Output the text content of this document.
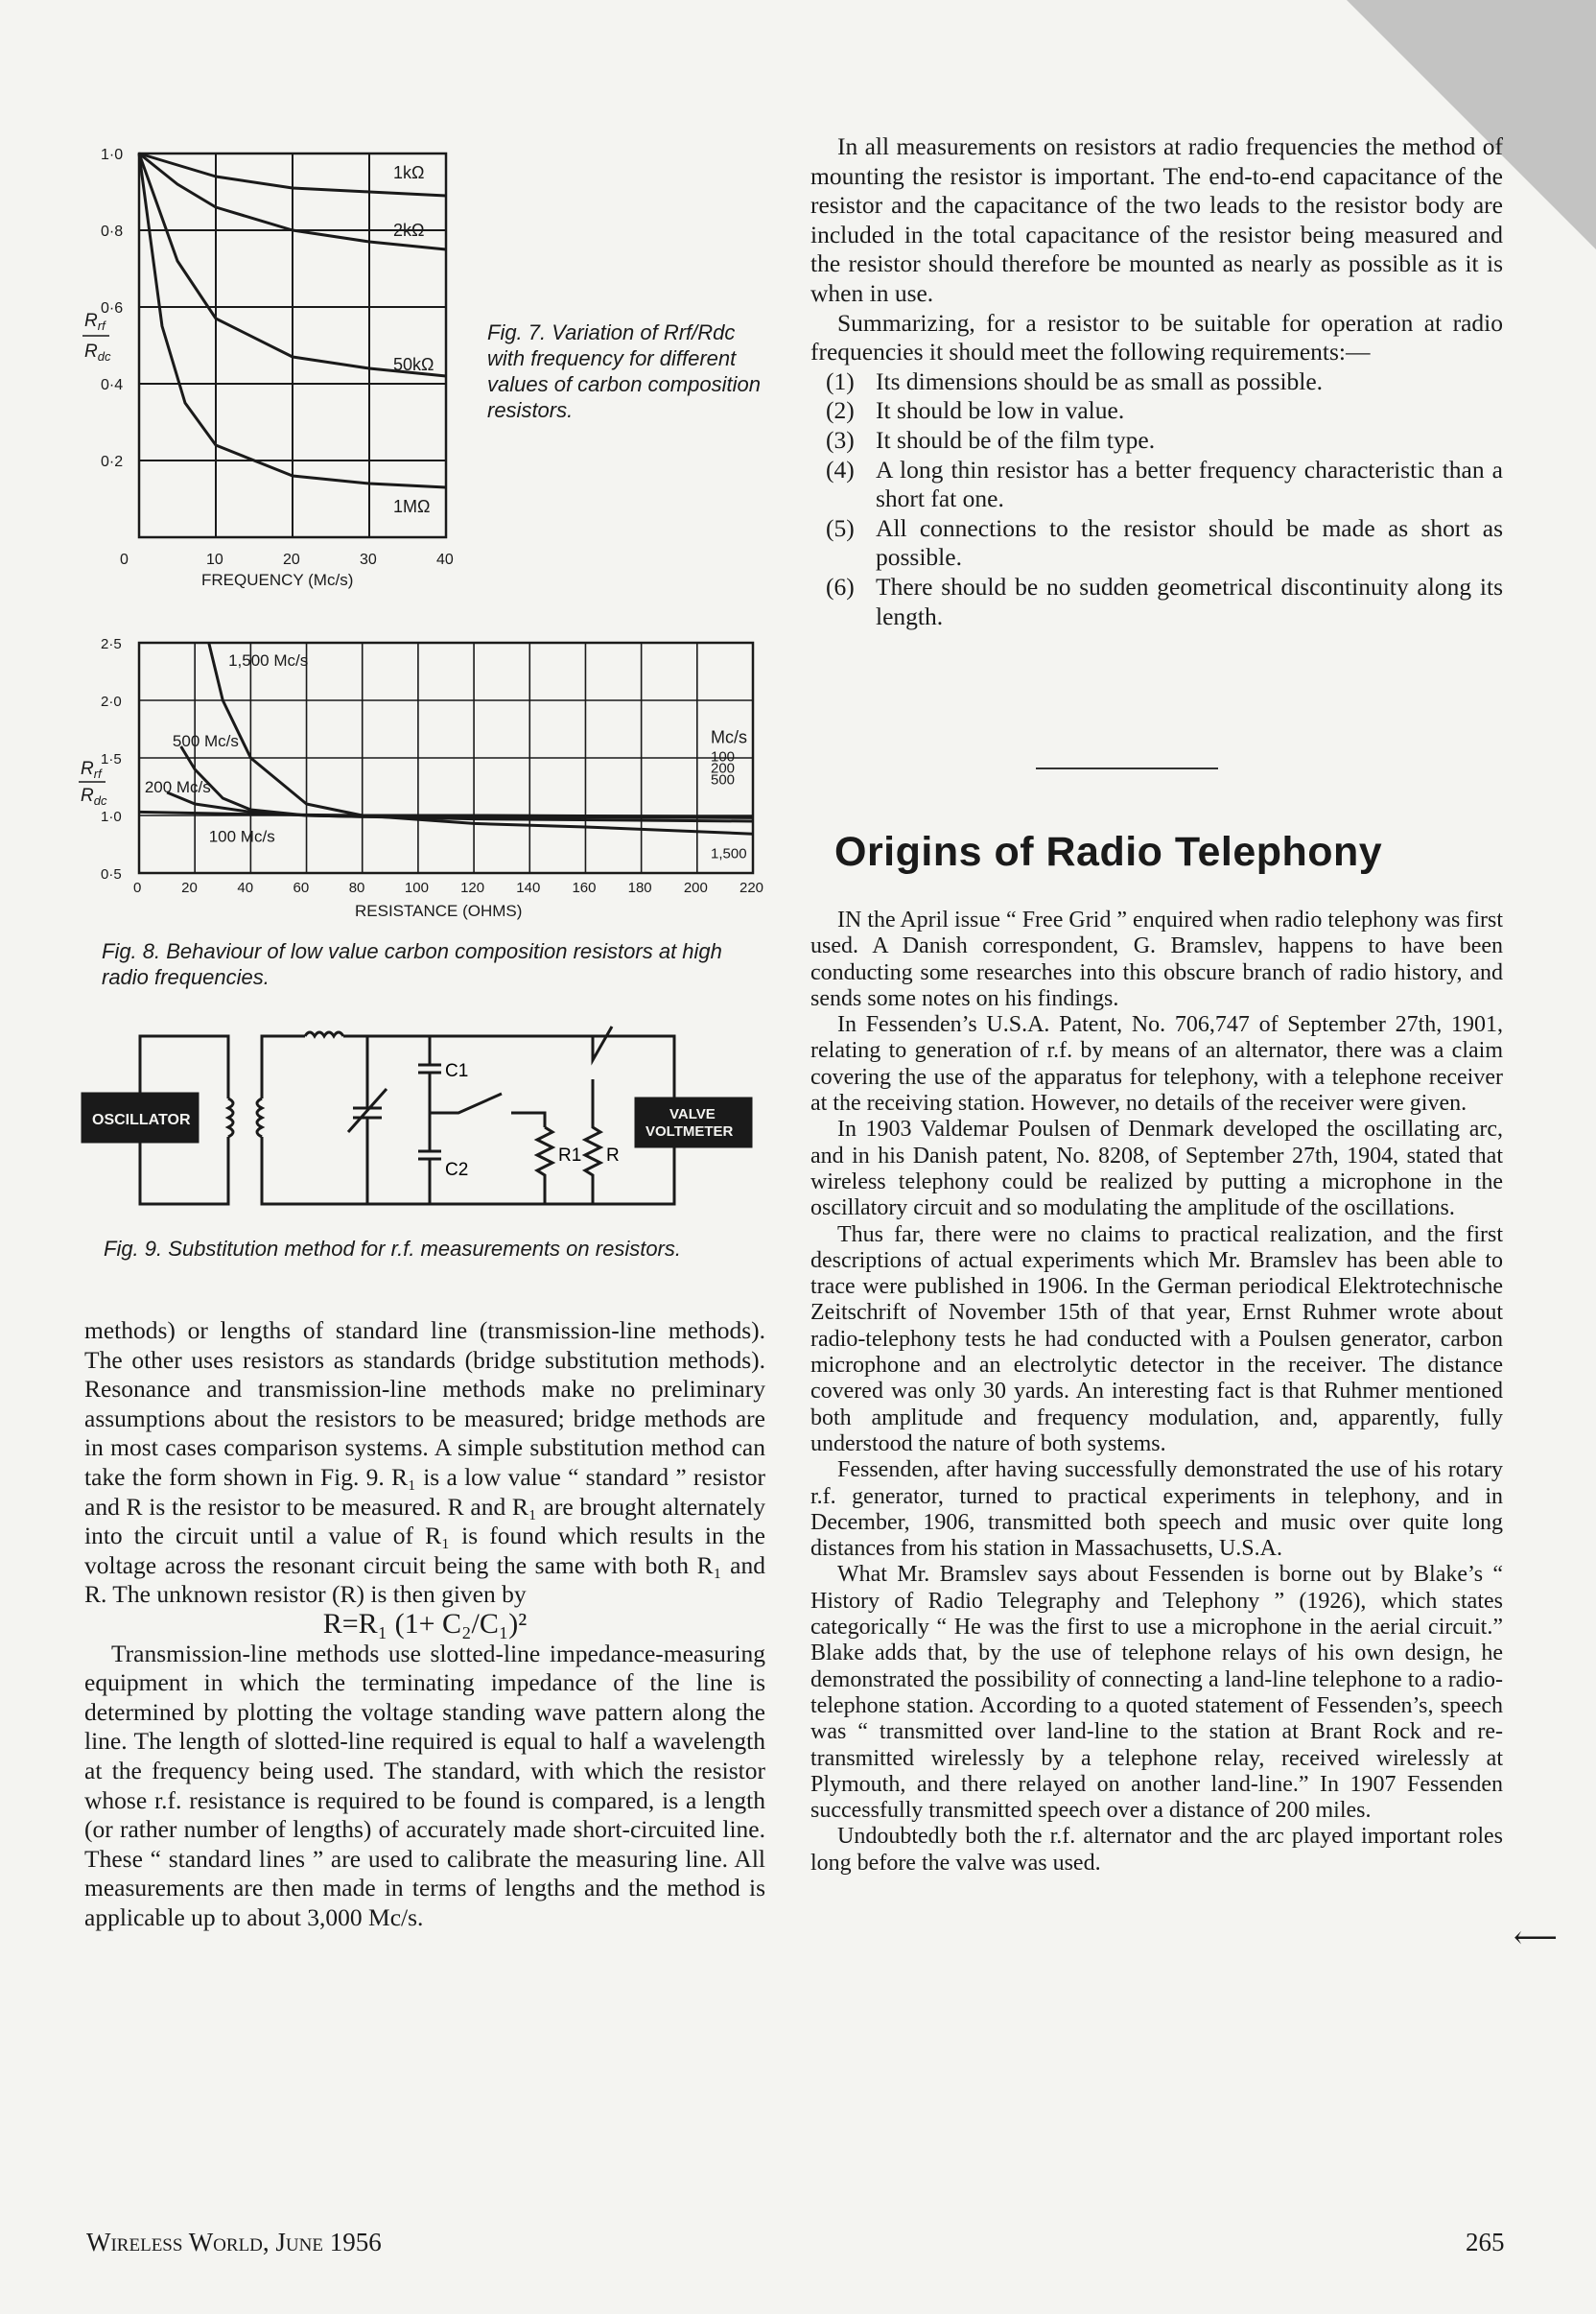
1kΩ
2kΩ
50kΩ
1MΩ
0	10	20	30	40
1·0
0·8
0·6
0·4
0·2
$R_{rf}$
$R_{dc}$
FREQUENCY (Mc/s)
Fig. 7. Variation of Rrf/Rdc with frequency for different values of carbon composition resistors.
1,500 Mc/s
500 Mc/s
200 Mc/s
100 Mc/s
Mc/s
100
200
500
1,500
0	20	40	60	80	100 120 140 160 180 200 220
2·5
2·0
1·5
1·0
0·5
$R_{rf}$
$R_{dc}$
RESISTANCE (OHMS)
Fig. 8. Behaviour of low value carbon composition resistors at high radio frequencies.
OSCILLATOR	VALVE
VOLTMETER
C1
C2
R1 R
Fig. 9. Substitution method for r.f. measurements on resistors.

methods) or lengths of standard line (transmission-line methods). The other uses resistors as standards (bridge substitution methods). Resonance and transmission-line methods make no preliminary assumptions about the resistors to be measured; bridge methods are in most cases comparison systems. A simple substitution method can take the form shown in Fig. 9. R₁ is a low value “ standard ” resistor and R is the resistor to be measured. R and R₁ are brought alternately into the circuit until a value of R₁ is found which results in the voltage across the resonant circuit being the same with both R₁ and R. The unknown resistor (R) is then given by

R=R₁ (1+ C₂/C₁)²

Transmission-line methods use slotted-line impedance-measuring equipment in which the terminating impedance of the line is determined by plotting the voltage standing wave pattern along the line. The length of slotted-line required is equal to half a wavelength at the frequency being used. The standard, with which the resistor whose r.f. resistance is required to be found is compared, is a length (or rather number of lengths) of accurately made short-circuited line. These “ standard lines ” are used to calibrate the measuring line. All measurements are then made in terms of lengths and the method is applicable up to about 3,000 Mc/s.

In all measurements on resistors at radio frequencies the method of mounting the resistor is important. The end-to-end capacitance of the resistor and the capacitance of the two leads to the resistor body are included in the total capacitance of the resistor being measured and the resistor should therefore be mounted as nearly as possible as it is when in use.

Summarizing, for a resistor to be suitable for operation at radio frequencies it should meet the following requirements:—

(1) Its dimensions should be as small as possible.

(2) It should be low in value.

(3) It should be of the film type.

(4) A long thin resistor has a better frequency characteristic than a short fat one.

(5) All connections to the resistor should be made as short as possible.

(6) There should be no sudden geometrical discontinuity along its length.

Origins of Radio Telephony

IN the April issue “ Free Grid ” enquired when radio telephony was first used. A Danish correspondent, G. Bramslev, happens to have been conducting some researches into this obscure branch of radio history, and sends some notes on his findings.

In Fessenden’s U.S.A. Patent, No. 706,747 of September 27th, 1901, relating to generation of r.f. by means of an alternator, there was a claim covering the use of the apparatus for telephony, with a telephone receiver at the receiving station. However, no details of the receiver were given.

In 1903 Valdemar Poulsen of Denmark developed the oscillating arc, and in his Danish patent, No. 8208, of September 27th, 1904, stated that wireless telephony could be realized by putting a microphone in the oscillatory circuit and so modulating the amplitude of the oscillations.

Thus far, there were no claims to practical realization, and the first descriptions of actual experiments which Mr. Bramslev has been able to trace were published in 1906. In the German periodical Elektrotechnische Zeitschrift of November 15th of that year, Ernst Ruhmer wrote about radio-telephony tests he had conducted with a Poulsen generator, carbon microphone and an electrolytic detector in the receiver. The distance covered was only 30 yards. An interesting fact is that Ruhmer mentioned both amplitude and frequency modulation, and, apparently, fully understood the nature of both systems.

Fessenden, after having successfully demonstrated the use of his rotary r.f. generator, turned to practical experiments in telephony, and in December, 1906, transmitted both speech and music over quite long distances from his station in Massachusetts, U.S.A.

What Mr. Bramslev says about Fessenden is borne out by Blake’s “ History of Radio Telegraphy and Telephony ” (1926), which states categorically “ He was the first to use a microphone in the aerial circuit.” Blake adds that, by the use of telephone relays of his own design, he demonstrated the possibility of connecting a land-line telephone to a radio-telephone station. According to a quoted statement of Fessenden’s, speech was “ transmitted over land-line to the station at Brant Rock and re-transmitted wirelessly by a telephone relay, received wirelessly at Plymouth, and there relayed on another land-line.” In 1907 Fessenden successfully transmitted speech over a distance of 200 miles.

Undoubtedly both the r.f. alternator and the arc played important roles long before the valve was used.

⟵
Wireless World, June 1956	265
